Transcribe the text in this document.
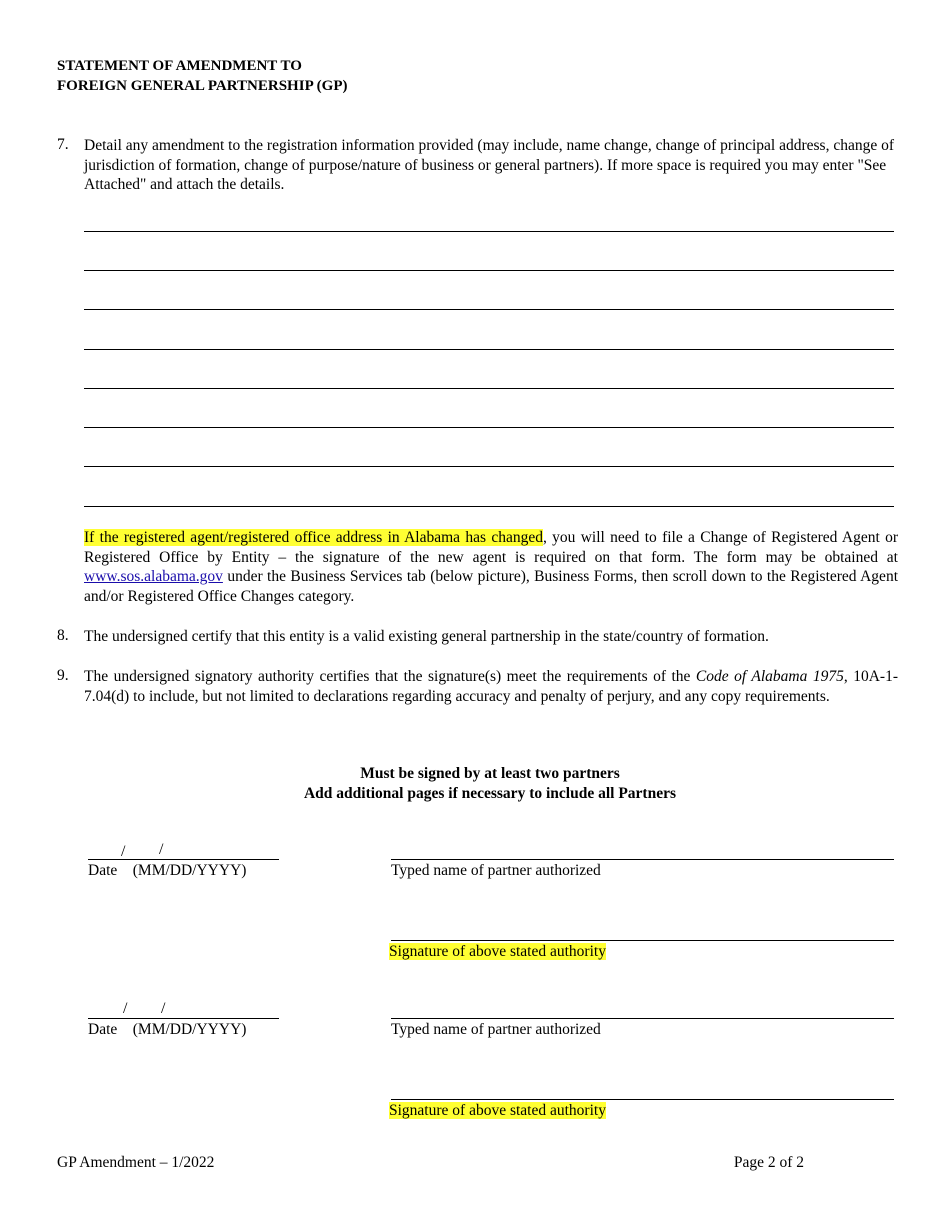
STATEMENT OF AMENDMENT TO
FOREIGN GENERAL PARTNERSHIP (GP)
7. Detail any amendment to the registration information provided (may include, name change, change of principal address, change of jurisdiction of formation, change of purpose/nature of business or general partners). If more space is required you may enter "See Attached" and attach the details.
If the registered agent/registered office address in Alabama has changed, you will need to file a Change of Registered Agent or Registered Office by Entity – the signature of the new agent is required on that form. The form may be obtained at www.sos.alabama.gov under the Business Services tab (below picture), Business Forms, then scroll down to the Registered Agent and/or Registered Office Changes category.
8. The undersigned certify that this entity is a valid existing general partnership in the state/country of formation.
9. The undersigned signatory authority certifies that the signature(s) meet the requirements of the Code of Alabama 1975, 10A-1-7.04(d) to include, but not limited to declarations regarding accuracy and penalty of perjury, and any copy requirements.
Must be signed by at least two partners
Add additional pages if necessary to include all Partners
/ /
Date (MM/DD/YYYY)	Typed name of partner authorized
Signature of above stated authority
/ /
Date (MM/DD/YYYY)	Typed name of partner authorized
Signature of above stated authority
GP Amendment – 1/2022	Page 2 of 2
